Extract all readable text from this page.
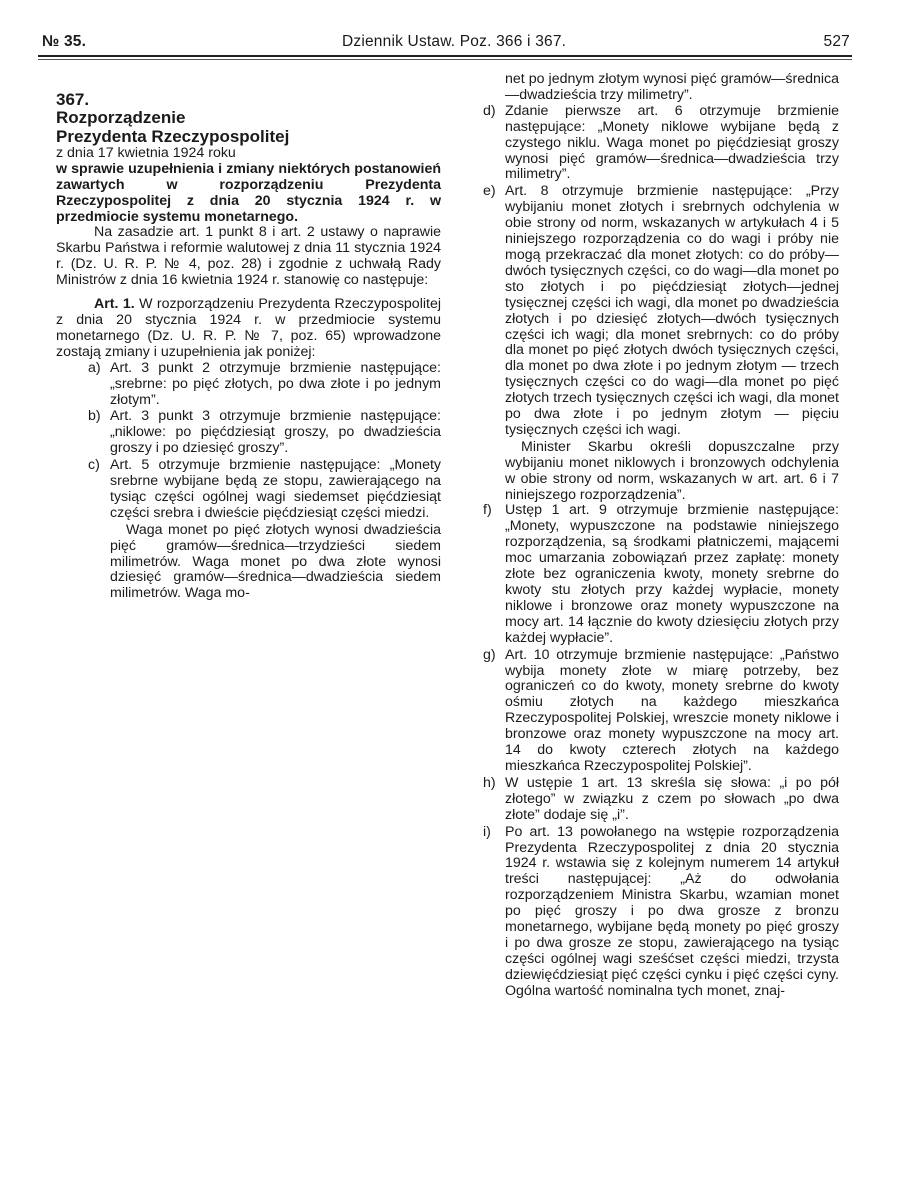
№ 35.	Dziennik Ustaw. Poz. 366 i 367.	527

367.

Rozporządzenie
Prezydenta Rzeczypospolitej

z dnia 17 kwietnia 1924 roku

w sprawie uzupełnienia i zmiany niektórych postanowień zawartych w rozporządzeniu Prezydenta Rzeczypospolitej z dnia 20 stycznia 1924 r. w przedmiocie systemu monetarnego.

Na zasadzie art. 1 punkt 8 i art. 2 ustawy o naprawie Skarbu Państwa i reformie walutowej z dnia 11 stycznia 1924 r. (Dz. U. R. P. № 4, poz. 28) i zgodnie z uchwałą Rady Ministrów z dnia 16 kwietnia 1924 r. stanowię co następuje:

Art. 1. W rozporządzeniu Prezydenta Rzeczypospolitej z dnia 20 stycznia 1924 r. w przedmiocie systemu monetarnego (Dz. U. R. P. № 7, poz. 65) wprowadzone zostają zmiany i uzupełnienia jak poniżej:

a) Art. 3 punkt 2 otrzymuje brzmienie następujące: „srebrne: po pięć złotych, po dwa złote i po jednym złotym”.
b) Art. 3 punkt 3 otrzymuje brzmienie następujące: „niklowe: po pięćdziesiąt groszy, po dwadzieścia groszy i po dziesięć groszy”.
c) Art. 5 otrzymuje brzmienie następujące: „Monety srebrne wybijane będą ze stopu, zawierającego na tysiąc części ogólnej wagi siedemset pięćdziesiąt części srebra i dwieście pięćdziesiąt części miedzi.

Waga monet po pięć złotych wynosi dwadzieścia pięć gramów—średnica—trzydzieści siedem milimetrów. Waga monet po dwa złote wynosi dziesięć gramów—średnica—dwadzieścia siedem milimetrów. Waga mo-

net po jednym złotym wynosi pięć gramów—średnica—dwadzieścia trzy milimetry”.

d) Zdanie pierwsze art. 6 otrzymuje brzmienie następujące: „Monety niklowe wybijane będą z czystego niklu. Waga monet po pięćdziesiąt groszy wynosi pięć gramów—średnica—dwadzieścia trzy milimetry”.
e) Art. 8 otrzymuje brzmienie następujące: „Przy wybijaniu monet złotych i srebrnych odchylenia w obie strony od norm, wskazanych w artykułach 4 i 5 niniejszego rozporządzenia co do wagi i próby nie mogą przekraczać dla monet złotych: co do próby—dwóch tysięcznych części, co do wagi—dla monet po sto złotych i po pięćdziesiąt złotych—jednej tysięcznej części ich wagi, dla monet po dwadzieścia złotych i po dziesięć złotych—dwóch tysięcznych części ich wagi; dla monet srebrnych: co do próby dla monet po pięć złotych dwóch tysięcznych części, dla monet po dwa złote i po jednym złotym — trzech tysięcznych części co do wagi—dla monet po pięć złotych trzech tysięcznych części ich wagi, dla monet po dwa złote i po jednym złotym — pięciu tysięcznych części ich wagi.

Minister Skarbu określi dopuszczalne przy wybijaniu monet niklowych i bronzowych odchylenia w obie strony od norm, wskazanych w art. art. 6 i 7 niniejszego rozporządzenia”.

f) Ustęp 1 art. 9 otrzymuje brzmienie następujące: „Monety, wypuszczone na podstawie niniejszego rozporządzenia, są środkami płatniczemi, mającemi moc umarzania zobowiązań przez zapłatę: monety złote bez ograniczenia kwoty, monety srebrne do kwoty stu złotych przy każdej wypłacie, monety niklowe i bronzowe oraz monety wypuszczone na mocy art. 14 łącznie do kwoty dziesięciu złotych przy każdej wypłacie”.
g) Art. 10 otrzymuje brzmienie następujące: „Państwo wybija monety złote w miarę potrzeby, bez ograniczeń co do kwoty, monety srebrne do kwoty ośmiu złotych na każdego mieszkańca Rzeczypospolitej Polskiej, wreszcie monety niklowe i bronzowe oraz monety wypuszczone na mocy art. 14 do kwoty czterech złotych na każdego mieszkańca Rzeczypospolitej Polskiej”.
h) W ustępie 1 art. 13 skreśla się słowa: „i po pół złotego” w związku z czem po słowach „po dwa złote” dodaje się „i”.
i) Po art. 13 powołanego na wstępie rozporządzenia Prezydenta Rzeczypospolitej z dnia 20 stycznia 1924 r. wstawia się z kolejnym numerem 14 artykuł treści następującej: „Aż do odwołania rozporządzeniem Ministra Skarbu, wzamian monet po pięć groszy i po dwa grosze z bronzu monetarnego, wybijane będą monety po pięć groszy i po dwa grosze ze stopu, zawierającego na tysiąc części ogólnej wagi sześćset części miedzi, trzysta dziewięćdziesiąt pięć części cynku i pięć części cyny. Ogólna wartość nominalna tych monet, znaj-
